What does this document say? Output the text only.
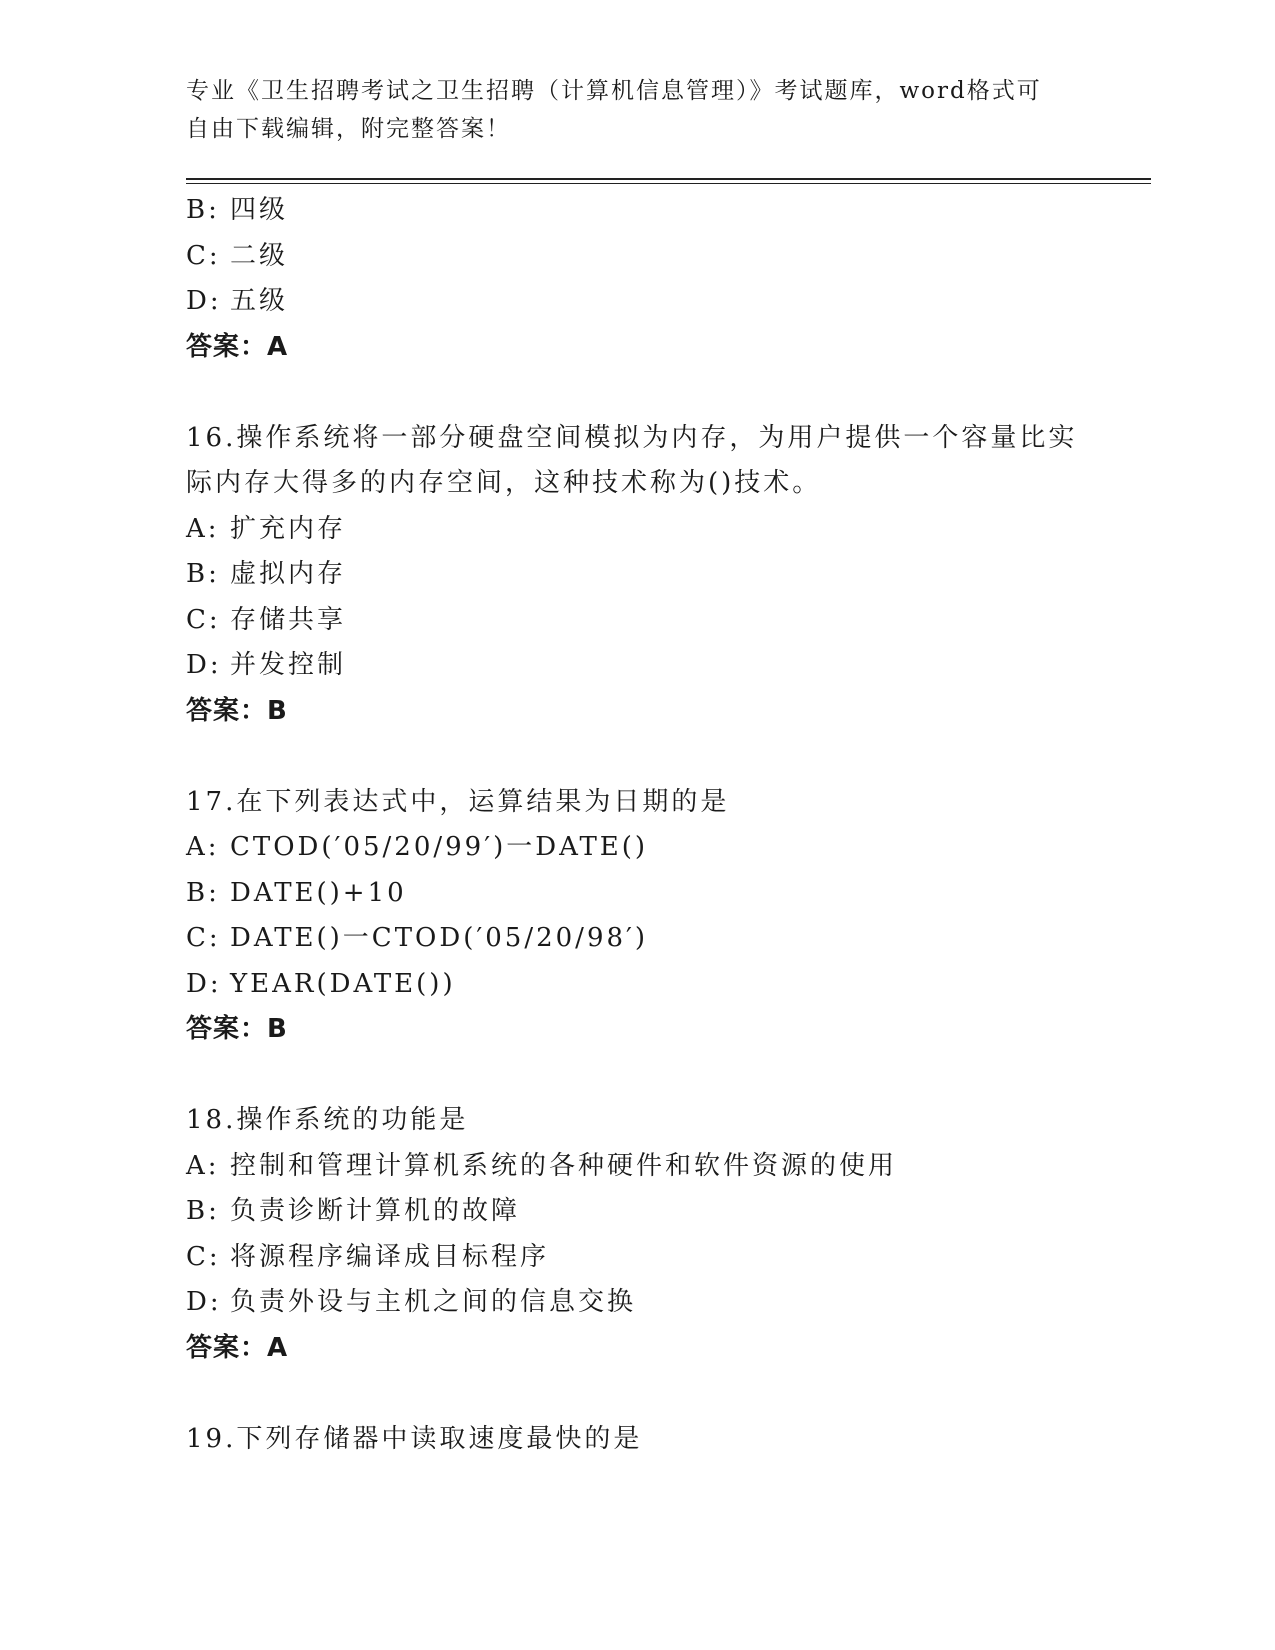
专业《卫生招聘考试之卫生招聘（计算机信息管理）》考试题库，word格式可自由下载编辑，附完整答案！
B: 四级
C: 二级
D: 五级
答案：A
16.操作系统将一部分硬盘空间模拟为内存，为用户提供一个容量比实际内存大得多的内存空间，这种技术称为()技术。
A: 扩充内存
B: 虚拟内存
C: 存储共享
D: 并发控制
答案：B
17.在下列表达式中，运算结果为日期的是
A: CTOD(′05/20/99′)一DATE()
B: DATE()+10
C: DATE()一CTOD(′05/20/98′)
D: YEAR(DATE())
答案：B
18.操作系统的功能是
A: 控制和管理计算机系统的各种硬件和软件资源的使用
B: 负责诊断计算机的故障
C: 将源程序编译成目标程序
D: 负责外设与主机之间的信息交换
答案：A
19.下列存储器中读取速度最快的是
